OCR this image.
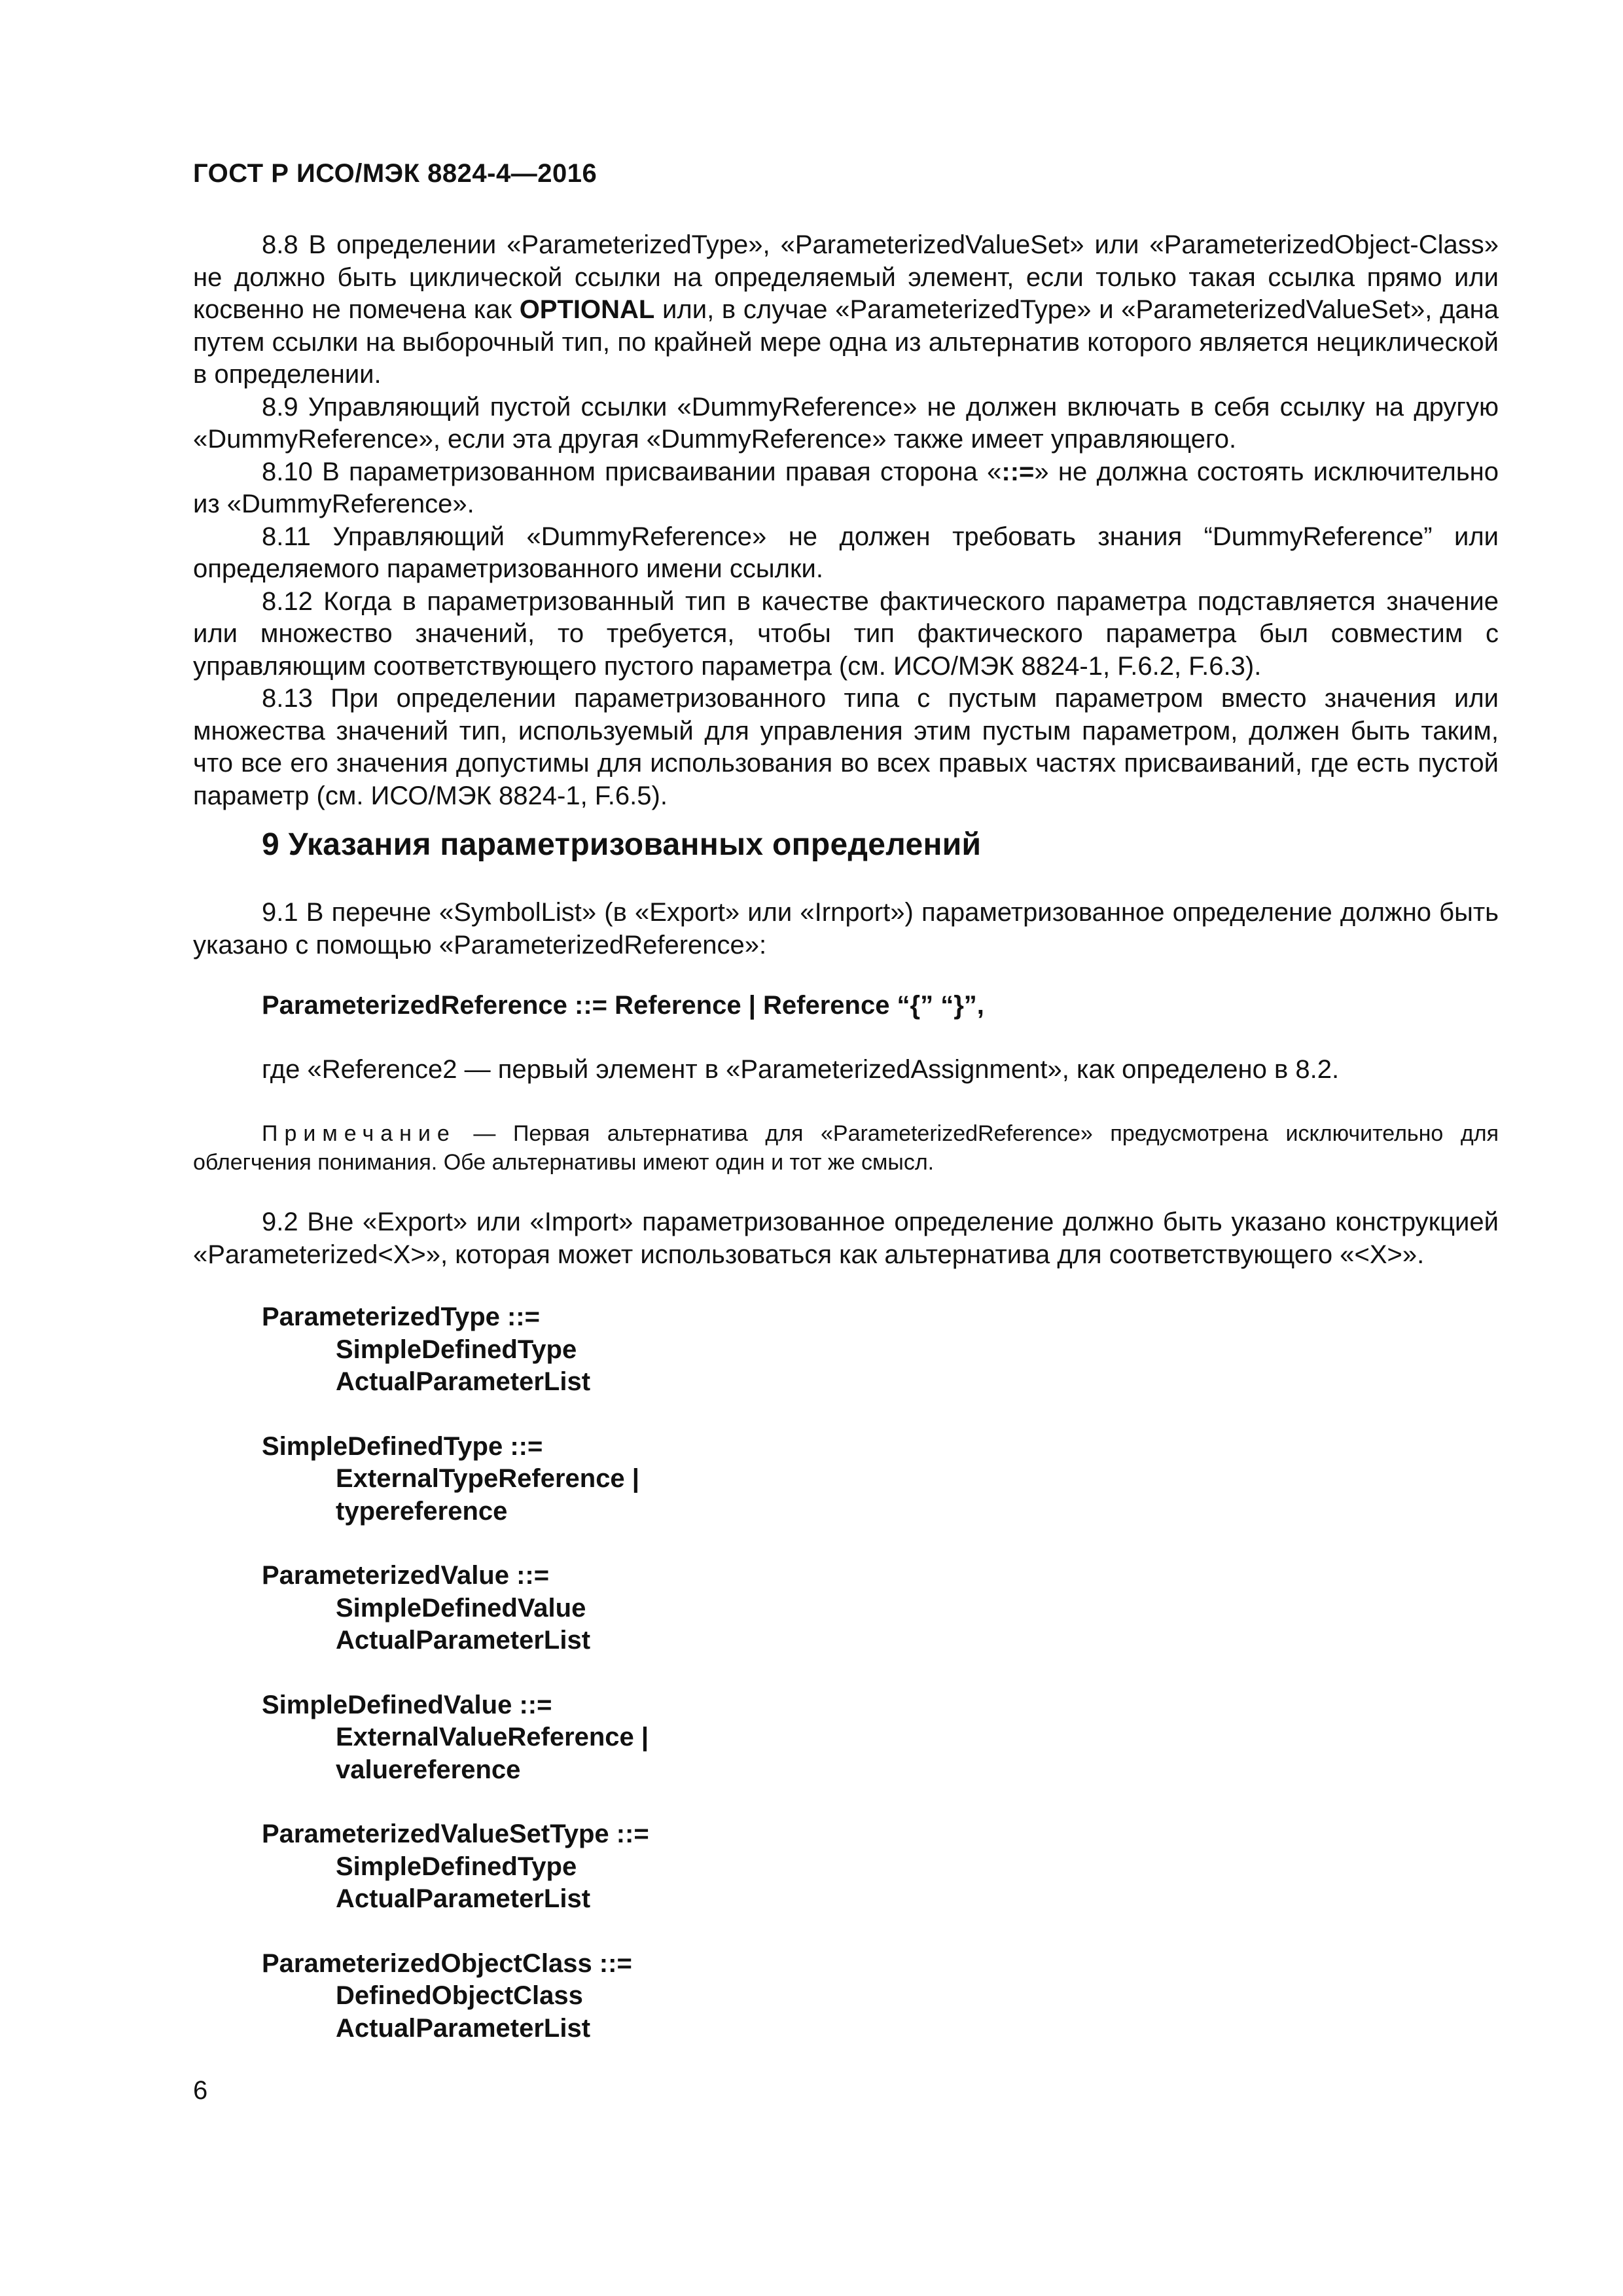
ГОСТ Р ИСО/МЭК 8824-4—2016

8.8 В определении «ParameterizedType», «ParameterizedValueSet» или «ParameterizedObject-Class» не должно быть циклической ссылки на определяемый элемент, если только такая ссылка прямо или косвенно не помечена как OPTIONAL или, в случае «ParameterizedType» и «ParameterizedValueSet», дана путем ссылки на выборочный тип, по крайней мере одна из альтернатив которого является нециклической в определении.

8.9 Управляющий пустой ссылки «DummyReference» не должен включать в себя ссылку на другую «DummyReference», если эта другая «DummyReference» также имеет управляющего.

8.10 В параметризованном присваивании правая сторона «::=» не должна состоять исключительно из «DummyReference».

8.11 Управляющий «DummyReference» не должен требовать знания “DummyReference” или определяемого параметризованного имени ссылки.

8.12 Когда в параметризованный тип в качестве фактического параметра подставляется значение или множество значений, то требуется, чтобы тип фактического параметра был совместим с управляющим соответствующего пустого параметра (см. ИСО/МЭК 8824-1, F.6.2, F.6.3).

8.13 При определении параметризованного типа с пустым параметром вместо значения или множества значений тип, используемый для управления этим пустым параметром, должен быть таким, что все его значения допустимы для использования во всех правых частях присваиваний, где есть пустой параметр (см. ИСО/МЭК 8824-1, F.6.5).

9 Указания параметризованных определений

9.1 В перечне «SymbolList» (в «Export» или «Irnport») параметризованное определение должно быть указано с помощью «ParameterizedReference»:

ParameterizedReference ::= Reference | Reference “{” “}”,
где «Reference2 — первый элемент в «ParameterizedAssignment», как определено в 8.2.

Примечание — Первая альтернатива для «ParameterizedReference» предусмотрена исключительно для облегчения понимания. Обе альтернативы имеют один и тот же смысл.

9.2 Вне «Export» или «Import» параметризованное определение должно быть указано конструкцией «Parameterized<X>», которая может использоваться как альтернатива для соответствующего «<X>».

ParameterizedType ::=
SimpleDefinedType
ActualParameterList
SimpleDefinedType ::=
ExternalTypeReference |
typereference
ParameterizedValue ::=
SimpleDefinedValue
ActualParameterList
SimpleDefinedValue ::=
ExternalValueReference |
valuereference
ParameterizedValueSetType ::=
SimpleDefinedType
ActualParameterList
ParameterizedObjectClass ::=
DefinedObjectClass
ActualParameterList
6
